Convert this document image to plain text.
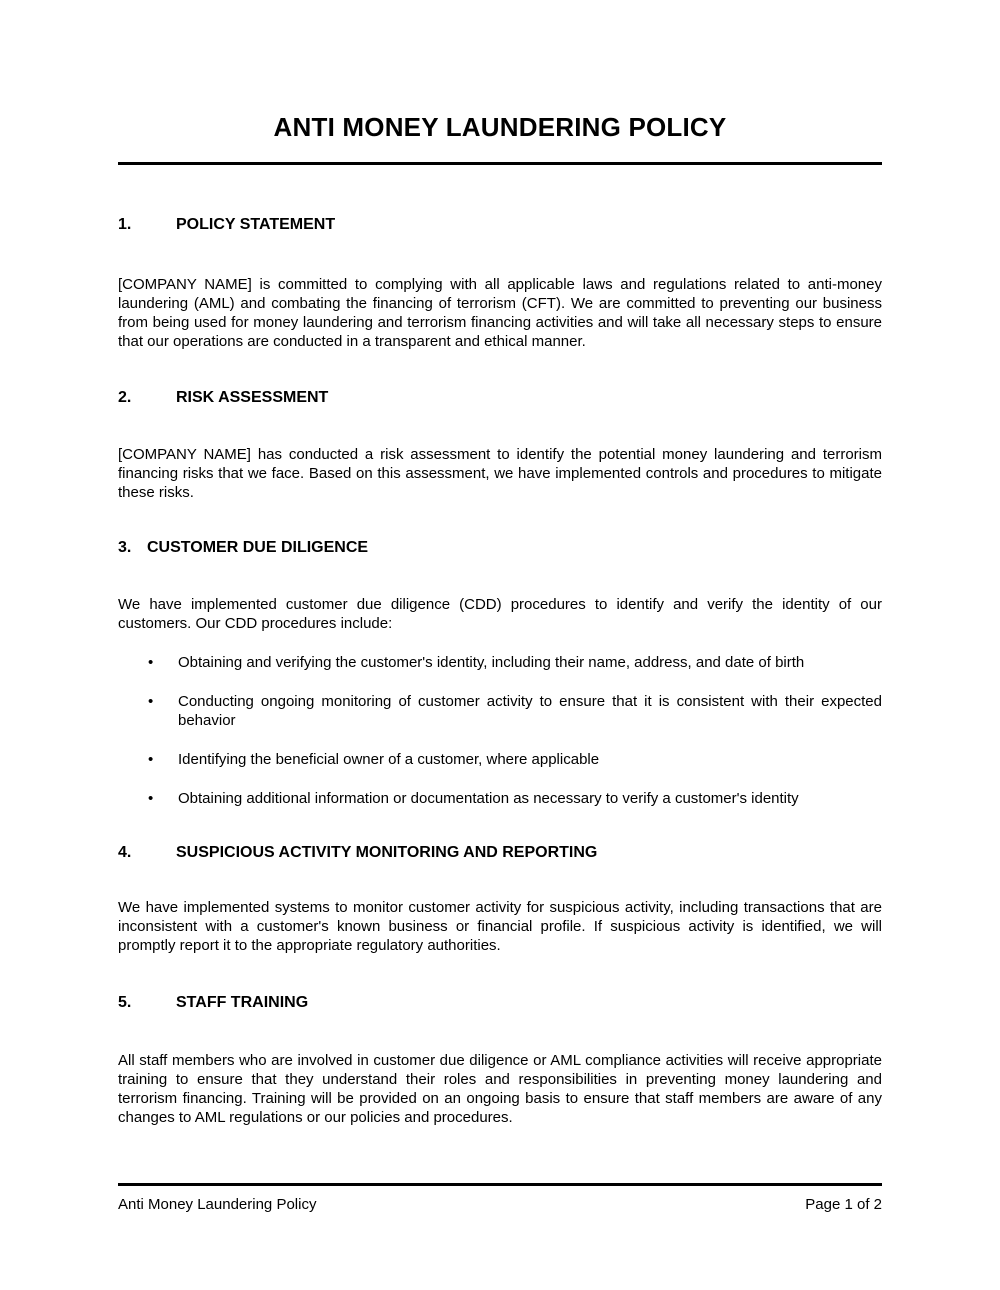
ANTI MONEY LAUNDERING POLICY
1.	POLICY STATEMENT

[COMPANY NAME] is committed to complying with all applicable laws and regulations related to anti-money laundering (AML) and combating the financing of terrorism (CFT). We are committed to preventing our business from being used for money laundering and terrorism financing activities and will take all necessary steps to ensure that our operations are conducted in a transparent and ethical manner.

2.	RISK ASSESSMENT

[COMPANY NAME] has conducted a risk assessment to identify the potential money laundering and terrorism financing risks that we face. Based on this assessment, we have implemented controls and procedures to mitigate these risks.

3. CUSTOMER DUE DILIGENCE

We have implemented customer due diligence (CDD) procedures to identify and verify the identity of our customers. Our CDD procedures include:

•	Obtaining and verifying the customer's identity, including their name, address, and date of birth
•	Conducting ongoing monitoring of customer activity to ensure that it is consistent with their expected behavior
•	Identifying the beneficial owner of a customer, where applicable
•	Obtaining additional information or documentation as necessary to verify a customer's identity
4.	SUSPICIOUS ACTIVITY MONITORING AND REPORTING

We have implemented systems to monitor customer activity for suspicious activity, including transactions that are inconsistent with a customer's known business or financial profile. If suspicious activity is identified, we will promptly report it to the appropriate regulatory authorities.

5.	STAFF TRAINING

All staff members who are involved in customer due diligence or AML compliance activities will receive appropriate training to ensure that they understand their roles and responsibilities in preventing money laundering and terrorism financing. Training will be provided on an ongoing basis to ensure that staff members are aware of any changes to AML regulations or our policies and procedures.

Anti Money Laundering Policy	Page 1 of 2
